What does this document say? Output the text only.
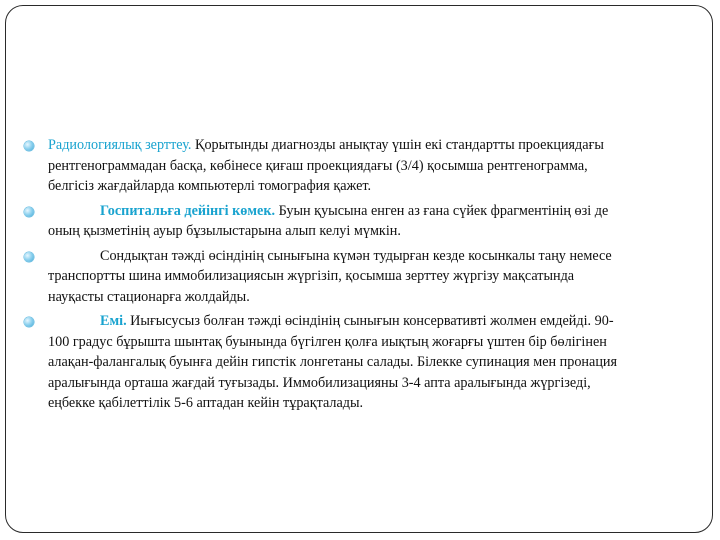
Радиологиялық зерттеу. Қорытынды диагнозды анықтау үшін екі стандартты проекциядағы рентгенограммадан басқа, көбінесе қиғаш проекциядағы (3/4) қосымша рентгенограмма, белгісіз жағдайларда компьютерлі томография қажет.
Госпитальға дейінгі көмек. Буын қуысына енген аз ғана сүйек фрагментінің өзі де оның қызметінің ауыр бұзылыстарына алып келуі мүмкін.
Сондықтан тәжді өсіндінің сынығына күмән тудырған кезде косынкалы таңу немесе транспортты шина иммобилизациясын жүргізіп, қосымша зерттеу жүргізу мақсатында науқасты стационарға жолдайды.
Емі. Иығысусыз болған тәжді өсіндінің сынығын консервативті жолмен емдейді. 90-100 градус бұрышта шынтақ буынында бүгілген қолға иықтың жоғарғы үштен бір бөлігінен алақан-фалангалық буынға дейін гипстік лонгетаны салады. Білекке супинация мен пронация аралығында орташа жағдай туғызады. Иммобилизацияны 3-4 апта аралығында жүргізеді, еңбекке қабілеттілік 5-6 аптадан кейін тұрақталады.
